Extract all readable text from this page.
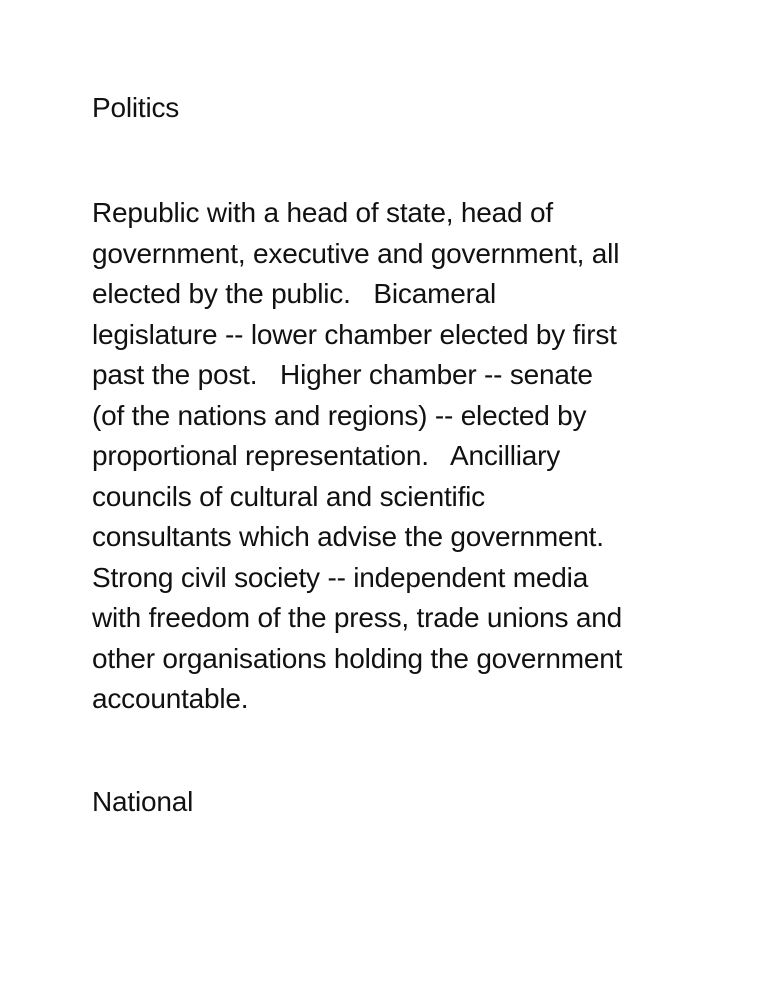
Politics

Republic with a head of state, head of
government, executive and government, all
elected by the public.   Bicameral
legislature -- lower chamber elected by first
past the post.   Higher chamber -- senate
(of the nations and regions) -- elected by
proportional representation.   Ancilliary
councils of cultural and scientific
consultants which advise the government.
Strong civil society -- independent media
with freedom of the press, trade unions and
other organisations holding the government
accountable.

National
